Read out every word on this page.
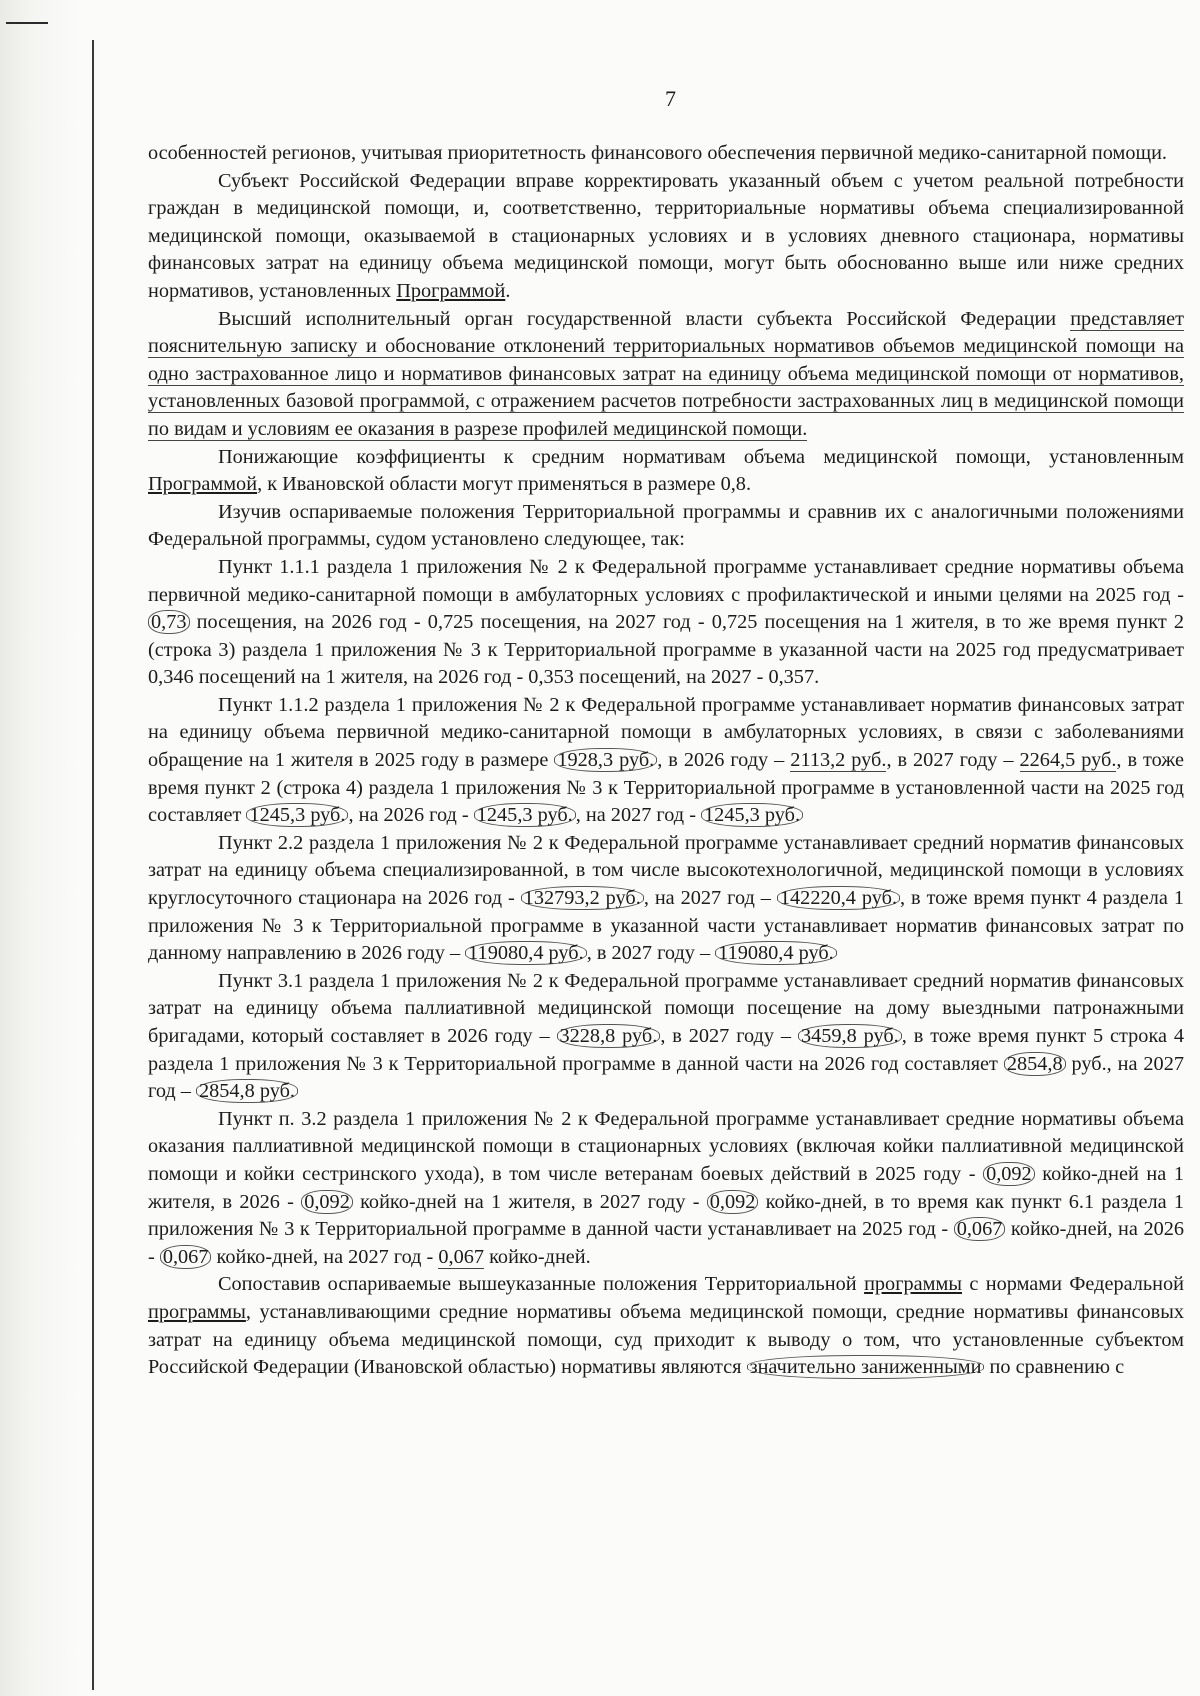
7

особенностей регионов, учитывая приоритетность финансового обеспечения первичной медико-санитарной помощи.

Субъект Российской Федерации вправе корректировать указанный объем с учетом реальной потребности граждан в медицинской помощи, и, соответственно, территориальные нормативы объема специализированной медицинской помощи, оказываемой в стационарных условиях и в условиях дневного стационара, нормативы финансовых затрат на единицу объема медицинской помощи, могут быть обоснованно выше или ниже средних нормативов, установленных Программой.

Высший исполнительный орган государственной власти субъекта Российской Федерации представляет пояснительную записку и обоснование отклонений территориальных нормативов объемов медицинской помощи на одно застрахованное лицо и нормативов финансовых затрат на единицу объема медицинской помощи от нормативов, установленных базовой программой, с отражением расчетов потребности застрахованных лиц в медицинской помощи по видам и условиям ее оказания в разрезе профилей медицинской помощи.

Понижающие коэффициенты к средним нормативам объема медицинской помощи, установленным Программой, к Ивановской области могут применяться в размере 0,8.

Изучив оспариваемые положения Территориальной программы и сравнив их с аналогичными положениями Федеральной программы, судом установлено следующее, так:

Пункт 1.1.1 раздела 1 приложения № 2 к Федеральной программе устанавливает средние нормативы объема первичной медико-санитарной помощи в амбулаторных условиях с профилактической и иными целями на 2025 год - 0,73 посещения, на 2026 год - 0,725 посещения, на 2027 год - 0,725 посещения на 1 жителя, в то же время пункт 2 (строка 3) раздела 1 приложения № 3 к Территориальной программе в указанной части на 2025 год предусматривает 0,346 посещений на 1 жителя, на 2026 год - 0,353 посещений, на 2027 - 0,357.

Пункт 1.1.2 раздела 1 приложения № 2 к Федеральной программе устанавливает норматив финансовых затрат на единицу объема первичной медико-санитарной помощи в амбулаторных условиях, в связи с заболеваниями обращение на 1 жителя в 2025 году в размере 1928,3 руб. , в 2026 году – 2113,2 руб., в 2027 году – 2264,5 руб., в тоже время пункт 2 (строка 4) раздела 1 приложения № 3 к Территориальной программе в установленной части на 2025 год составляет 1245,3 руб. , на 2026 год - 1245,3 руб. , на 2027 год - 1245,3 руб.

Пункт 2.2 раздела 1 приложения № 2 к Федеральной программе устанавливает средний норматив финансовых затрат на единицу объема специализированной, в том числе высокотехнологичной, медицинской помощи в условиях круглосуточного стационара на 2026 год - 132793,2 руб. , на 2027 год – 142220,4 руб. , в тоже время пункт 4 раздела 1 приложения № 3 к Территориальной программе в указанной части устанавливает норматив финансовых затрат по данному направлению в 2026 году – 119080,4 руб. , в 2027 году – 119080,4 руб.

Пункт 3.1 раздела 1 приложения № 2 к Федеральной программе устанавливает средний норматив финансовых затрат на единицу объема паллиативной медицинской помощи посещение на дому выездными патронажными бригадами, который составляет в 2026 году – 3228,8 руб. , в 2027 году – 3459,8 руб. , в тоже время пункт 5 строка 4 раздела 1 приложения № 3 к Территориальной программе в данной части на 2026 год составляет 2854,8 руб., на 2027 год – 2854,8 руб.

Пункт п. 3.2 раздела 1 приложения № 2 к Федеральной программе устанавливает средние нормативы объема оказания паллиативной медицинской помощи в стационарных условиях (включая койки паллиативной медицинской помощи и койки сестринского ухода), в том числе ветеранам боевых действий в 2025 году - 0,092 койко-дней на 1 жителя, в 2026 - 0,092 койко-дней на 1 жителя, в 2027 году - 0,092 койко-дней, в то время как пункт 6.1 раздела 1 приложения № 3 к Территориальной программе в данной части устанавливает на 2025 год - 0,067 койко-дней, на 2026 - 0,067 койко-дней, на 2027 год - 0,067 койко-дней.

Сопоставив оспариваемые вышеуказанные положения Территориальной программы с нормами Федеральной программы, устанавливающими средние нормативы объема медицинской помощи, средние нормативы финансовых затрат на единицу объема медицинской помощи, суд приходит к выводу о том, что установленные субъектом Российской Федерации (Ивановской областью) нормативы являются значительно заниженными по сравнению с
